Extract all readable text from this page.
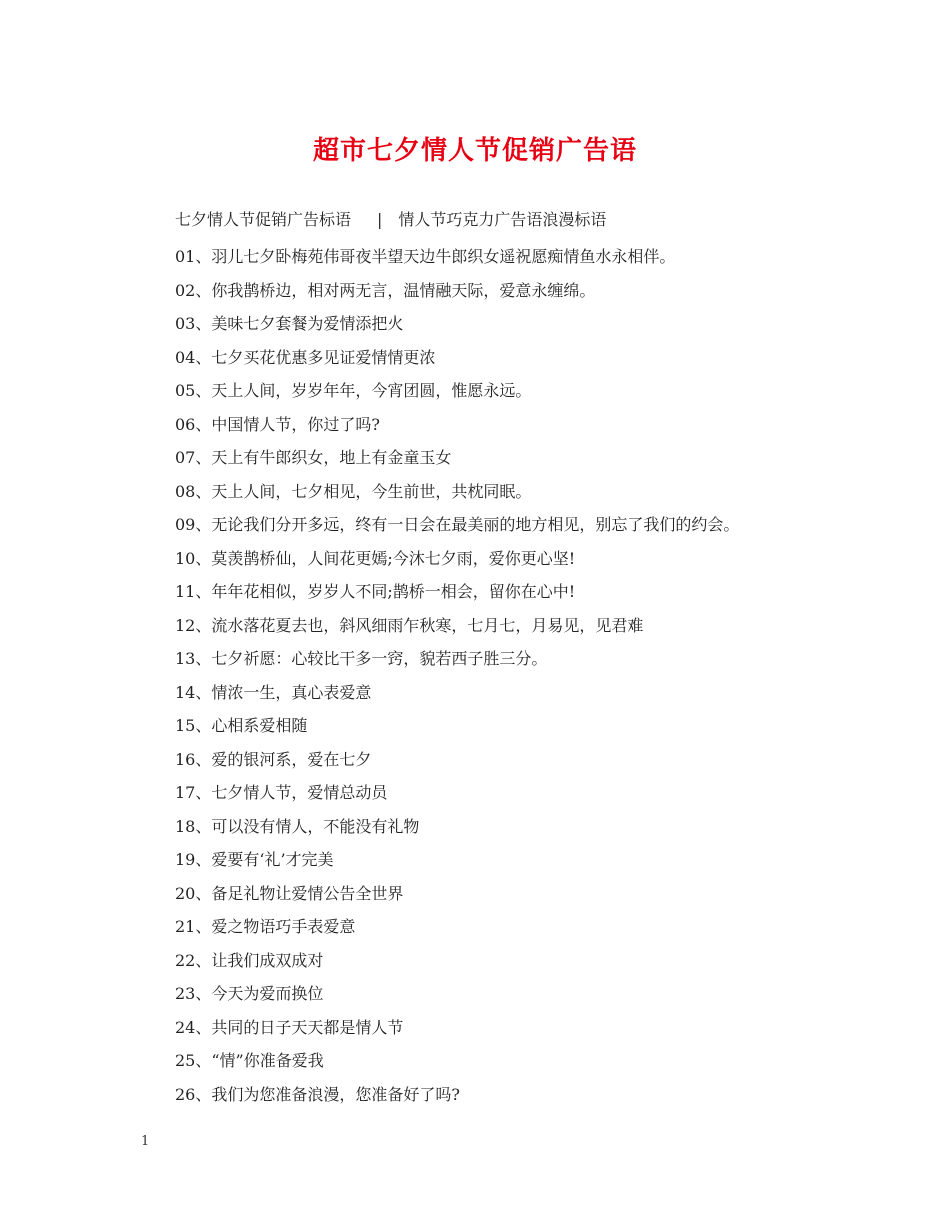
超市七夕情人节促销广告语
七夕情人节促销广告标语 | 情人节巧克力广告语浪漫标语
01、羽儿七夕卧梅苑伟哥夜半望天边牛郎织女遥祝愿痴情鱼水永相伴。
02、你我鹊桥边，相对两无言，温情融天际，爱意永缠绵。
03、美味七夕套餐为爱情添把火
04、七夕买花优惠多见证爱情情更浓
05、天上人间，岁岁年年，今宵团圆，惟愿永远。
06、中国情人节，你过了吗?
07、天上有牛郎织女，地上有金童玉女
08、天上人间，七夕相见，今生前世，共枕同眠。
09、无论我们分开多远，终有一日会在最美丽的地方相见，别忘了我们的约会。
10、莫羡鹊桥仙，人间花更嫣;今沐七夕雨，爱你更心坚!
11、年年花相似，岁岁人不同;鹊桥一相会，留你在心中!
12、流水落花夏去也，斜风细雨乍秋寒，七月七，月易见，见君难
13、七夕祈愿：心较比干多一窍，貌若西子胜三分。
14、情浓一生，真心表爱意
15、心相系爱相随
16、爱的银河系，爱在七夕
17、七夕情人节，爱情总动员
18、可以没有情人，不能没有礼物
19、爱要有‘礼’才完美
20、备足礼物让爱情公告全世界
21、爱之物语巧手表爱意
22、让我们成双成对
23、今天为爱而换位
24、共同的日子天天都是情人节
25、“情”你准备爱我
26、我们为您准备浪漫，您准备好了吗?
1
